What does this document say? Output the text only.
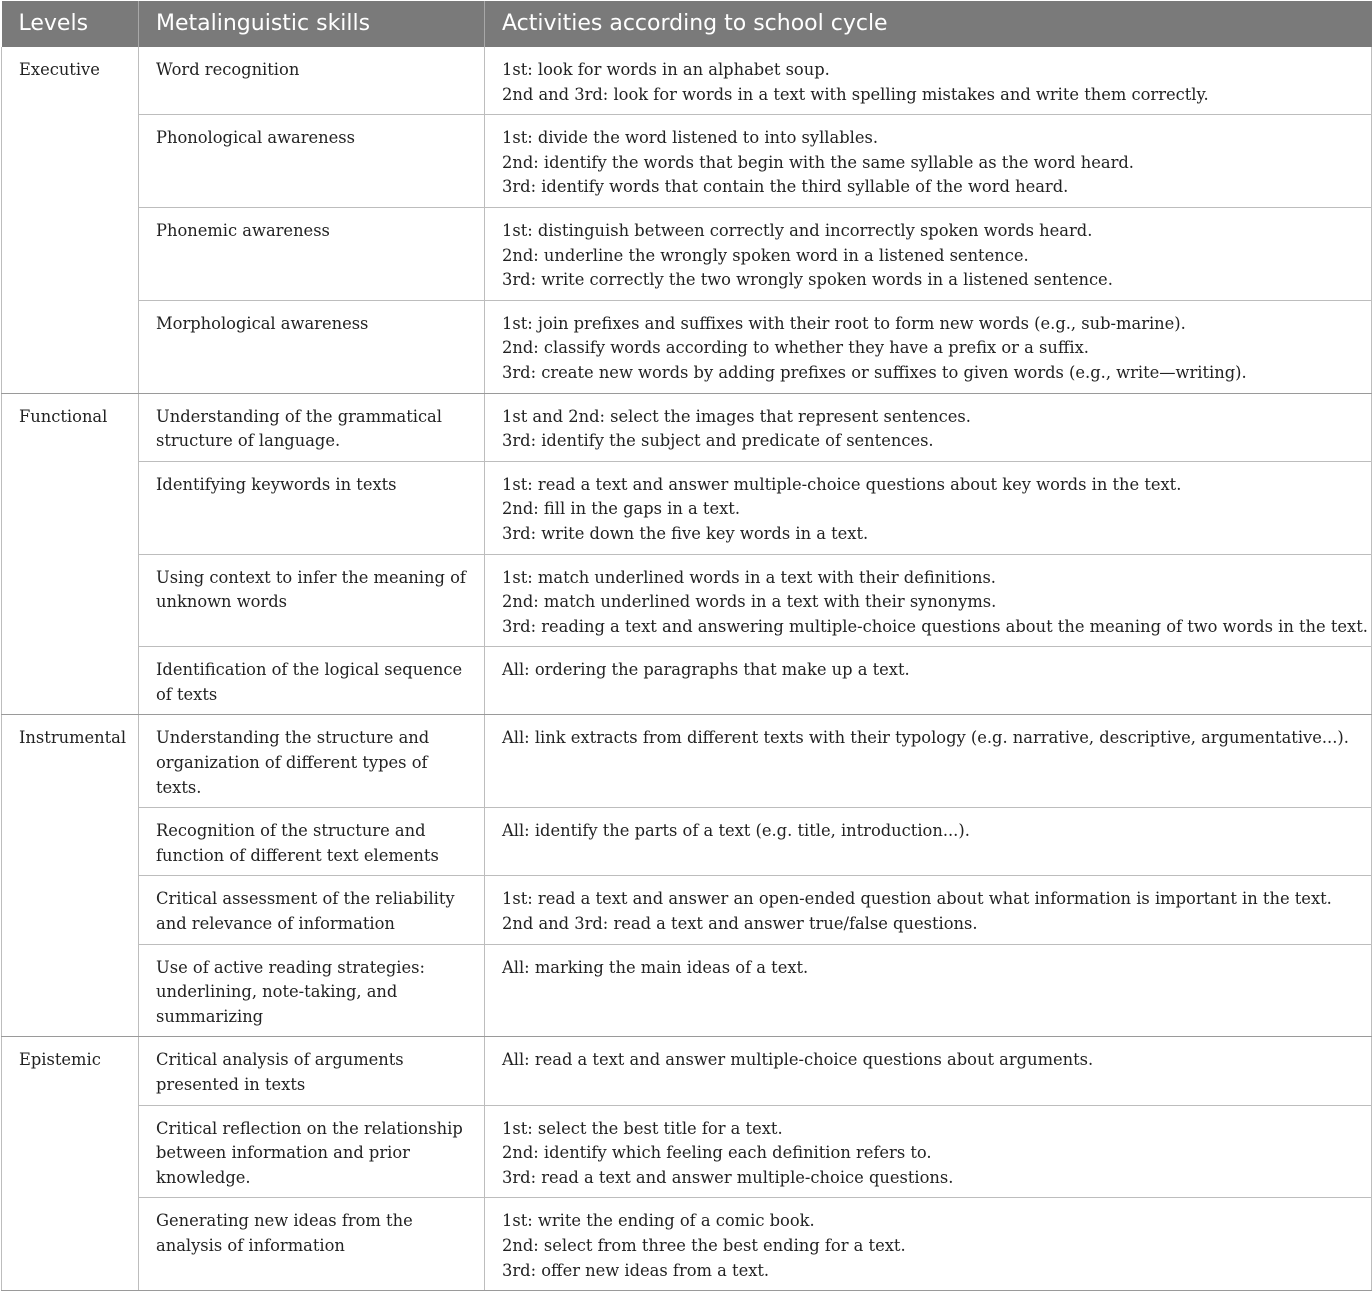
Levels	Metalinguistic skills	Activities according to school cycle
Executive	Word recognition	1st: look for words in an alphabet soup.
2nd and 3rd: look for words in a text with spelling mistakes and write them correctly.

	Phonological awareness	1st: divide the word listened to into syllables.
2nd: identify the words that begin with the same syllable as the word heard.
3rd: identify words that contain the third syllable of the word heard.

	Phonemic awareness	1st: distinguish between correctly and incorrectly spoken words heard.
2nd: underline the wrongly spoken word in a listened sentence.
3rd: write correctly the two wrongly spoken words in a listened sentence.

	Morphological awareness	1st: join prefixes and suffixes with their root to form new words (e.g., sub-marine).
2nd: classify words according to whether they have a prefix or a suffix.
3rd: create new words by adding prefixes or suffixes to given words (e.g., write—writing).

Functional	Understanding of the grammatical structure of language.	1st and 2nd: select the images that represent sentences.
3rd: identify the subject and predicate of sentences.

	Identifying keywords in texts	1st: read a text and answer multiple-choice questions about key words in the text.
2nd: fill in the gaps in a text.
3rd: write down the five key words in a text.

	Using context to infer the meaning of unknown words	1st: match underlined words in a text with their definitions.
2nd: match underlined words in a text with their synonyms.
3rd: reading a text and answering multiple-choice questions about the meaning of two words in the text.

	Identification of the logical sequence of texts	All: ordering the paragraphs that make up a text.

Instrumental	Understanding the structure and organization of different types of texts.	All: link extracts from different texts with their typology (e.g. narrative, descriptive, argumentative...).

	Recognition of the structure and function of different text elements	All: identify the parts of a text (e.g. title, introduction...).

	Critical assessment of the reliability and relevance of information	1st: read a text and answer an open-ended question about what information is important in the text.
2nd and 3rd: read a text and answer true/false questions.

	Use of active reading strategies: underlining, note-taking, and summarizing	All: marking the main ideas of a text.

Epistemic	Critical analysis of arguments presented in texts	All: read a text and answer multiple-choice questions about arguments.

	Critical reflection on the relationship between information and prior knowledge.	1st: select the best title for a text.
2nd: identify which feeling each definition refers to.
3rd: read a text and answer multiple-choice questions.

	Generating new ideas from the analysis of information	1st: write the ending of a comic book.
2nd: select from three the best ending for a text.
3rd: offer new ideas from a text.
